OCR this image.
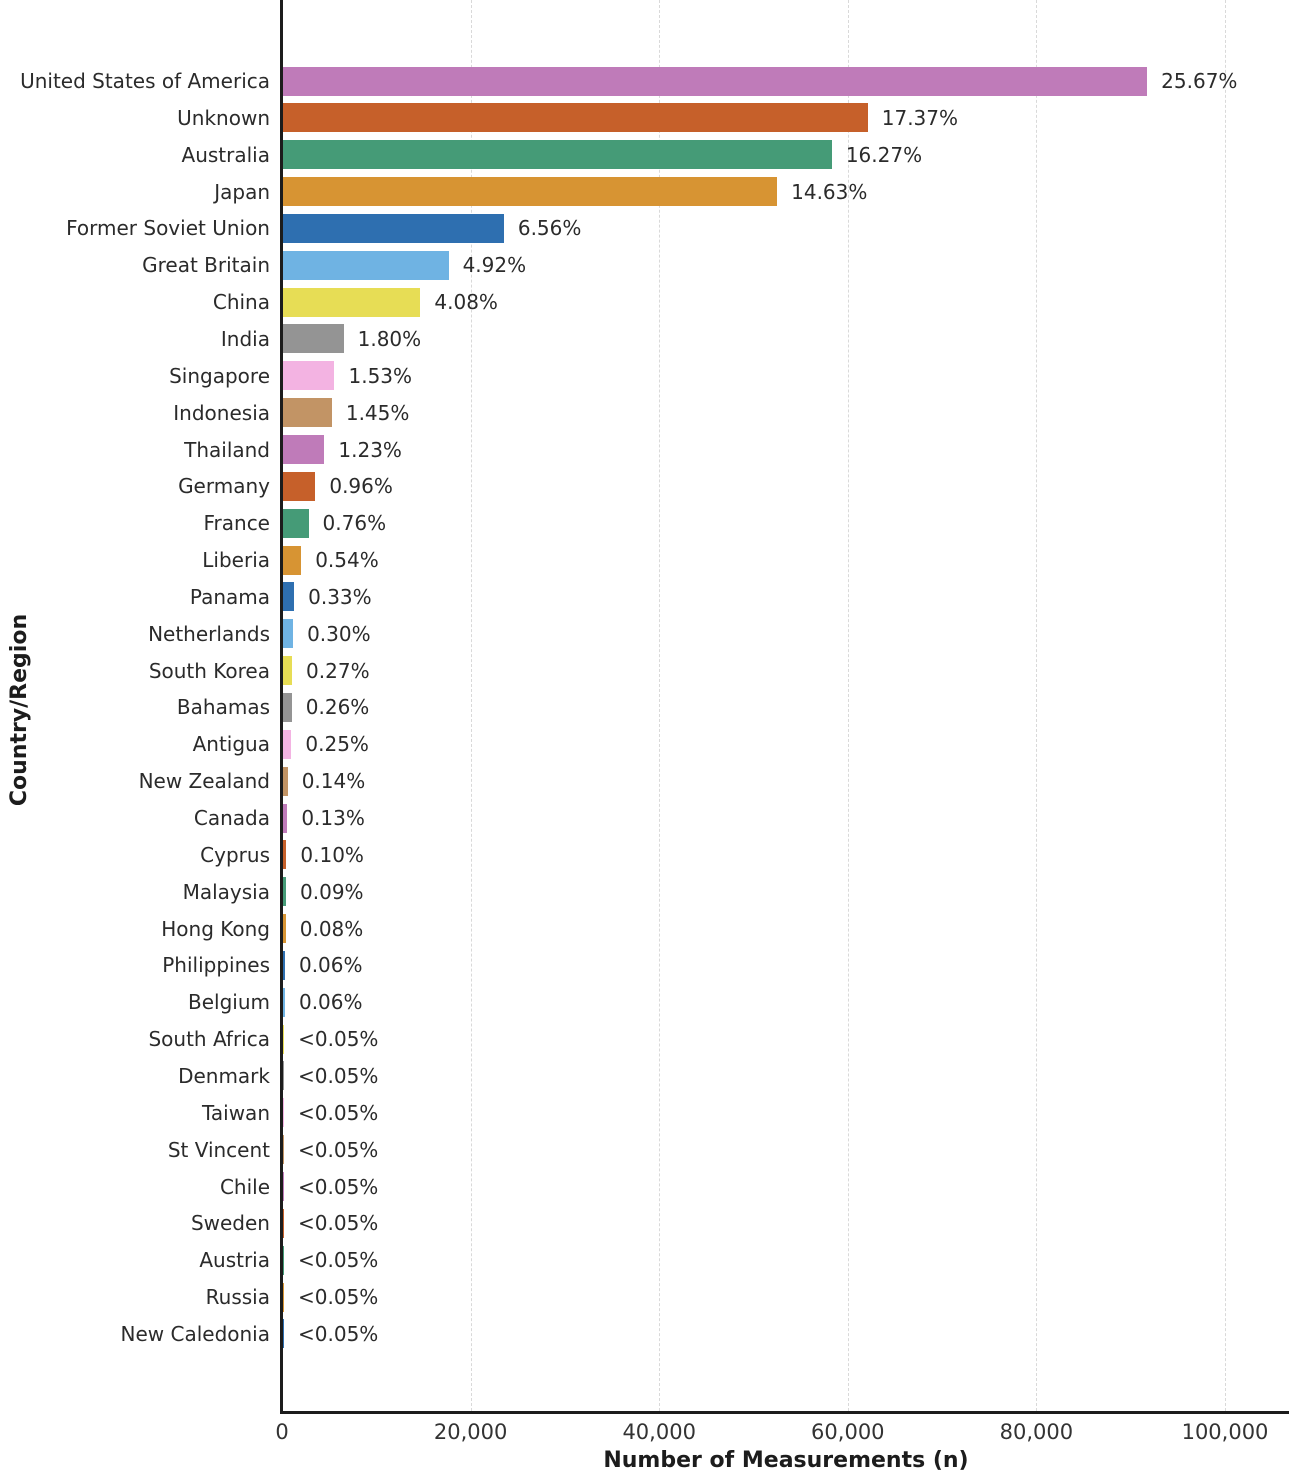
United States of America	25.67%
Unknown	17.37%
Australia	16.27%
Japan	14.63%
Former Soviet Union	6.56%
Great Britain	4.92%
China	4.08%
India	1.80%
Singapore	1.53%
Indonesia	1.45%
Thailand	1.23%
Germany	0.96%
France	0.76%
Liberia 0.54%
Panama 0.33%
Netherlands 0.30%
South Korea 0.27%
Bahamas 0.26%
Antigua 0.25%
New Zealand 0.14%
Canada 0.13%
Cyprus 0.10%
Malaysia 0.09%
Hong Kong 0.08%
Philippines 0.06%
Belgium 0.06%
South Africa <0.05%
Denmark <0.05%
Taiwan <0.05%
St Vincent <0.05%
Chile <0.05%
Sweden <0.05%
Austria <0.05%
Russia <0.05%
New Caledonia <0.05%
0	20,000	40,000	60,000	80,000	100,000
Number of Measurements (n)
Country/Region
